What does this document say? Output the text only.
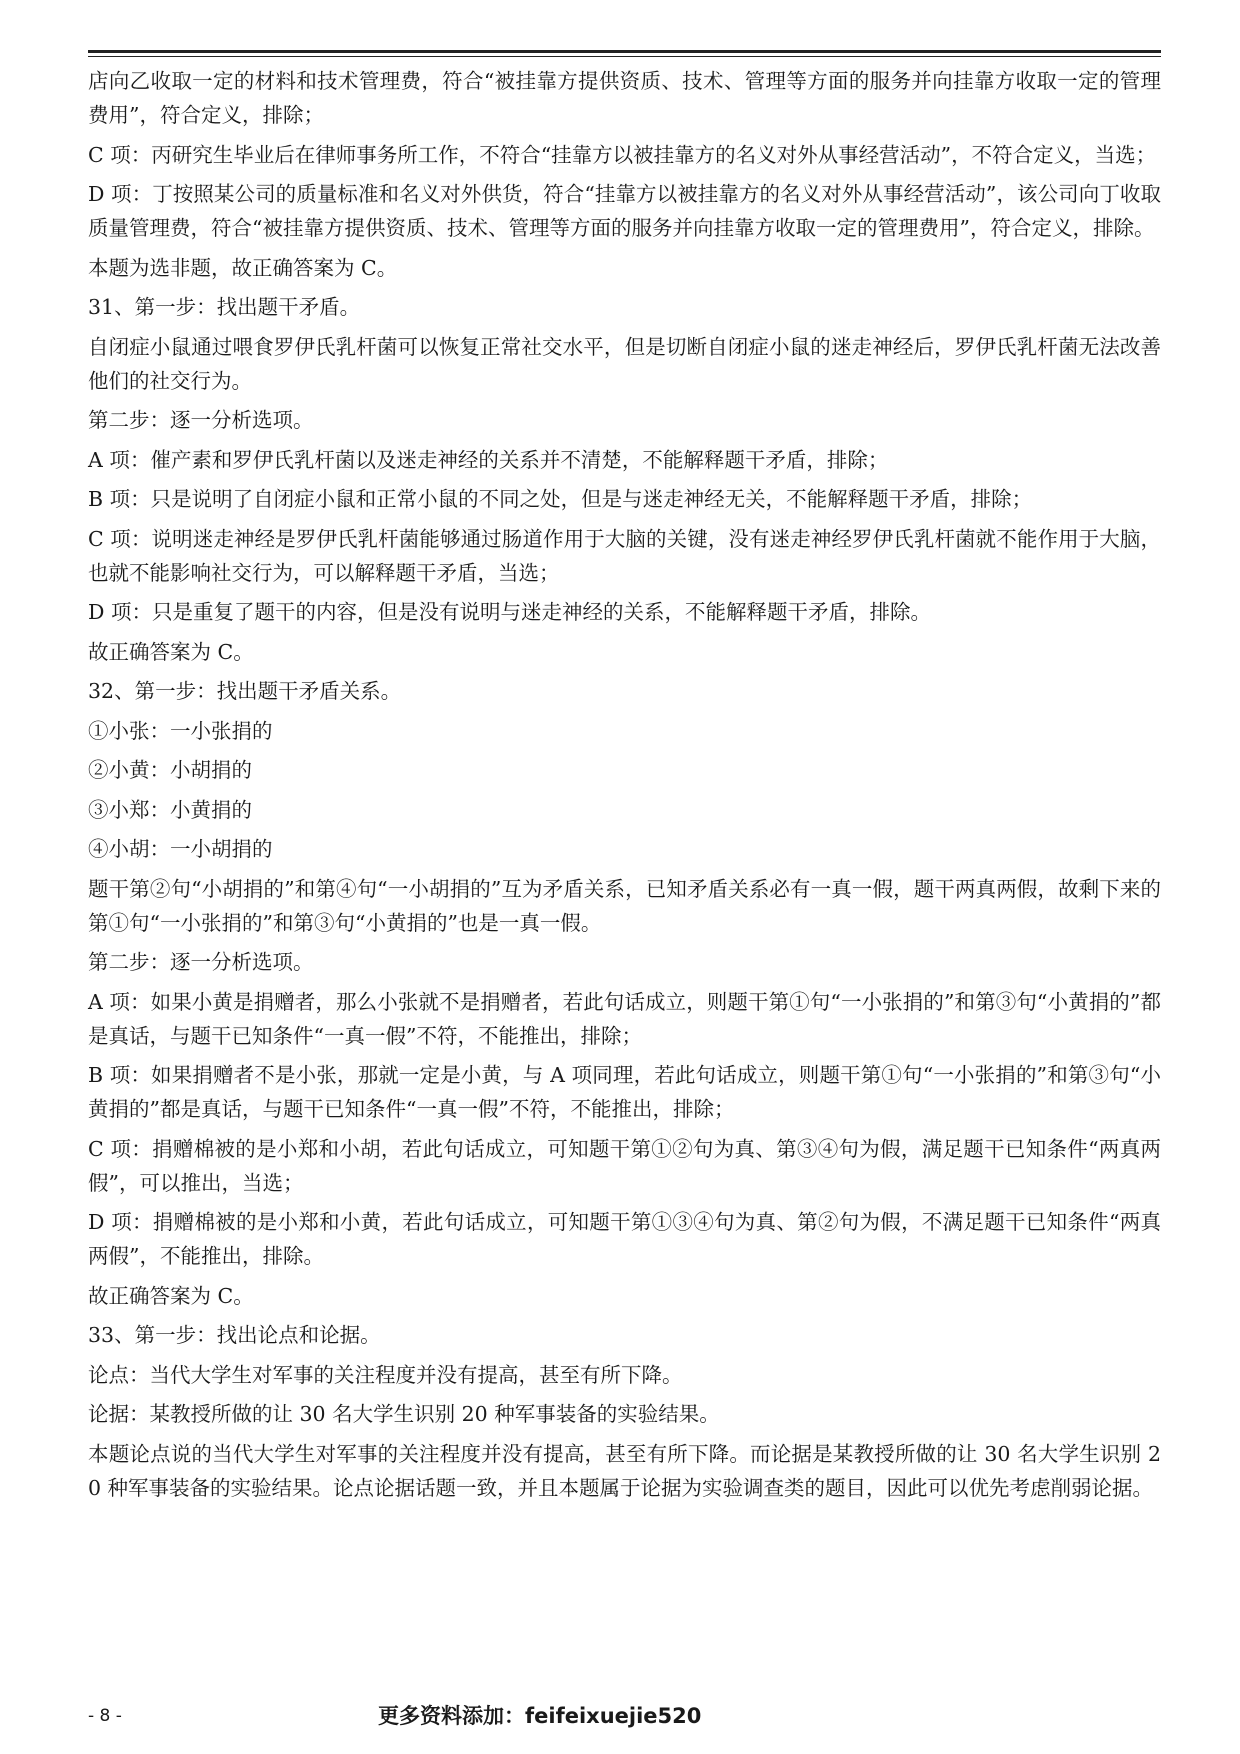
店向乙收取一定的材料和技术管理费，符合“被挂靠方提供资质、技术、管理等方面的服务并向挂靠方收取一定的管理费用”，符合定义，排除；

C 项：丙研究生毕业后在律师事务所工作，不符合“挂靠方以被挂靠方的名义对外从事经营活动”，不符合定义，当选；

D 项：丁按照某公司的质量标准和名义对外供货，符合“挂靠方以被挂靠方的名义对外从事经营活动”，该公司向丁收取质量管理费，符合“被挂靠方提供资质、技术、管理等方面的服务并向挂靠方收取一定的管理费用”，符合定义，排除。

本题为选非题，故正确答案为 C。

31、第一步：找出题干矛盾。

自闭症小鼠通过喂食罗伊氏乳杆菌可以恢复正常社交水平，但是切断自闭症小鼠的迷走神经后，罗伊氏乳杆菌无法改善他们的社交行为。

第二步：逐一分析选项。

A 项：催产素和罗伊氏乳杆菌以及迷走神经的关系并不清楚，不能解释题干矛盾，排除；

B 项：只是说明了自闭症小鼠和正常小鼠的不同之处，但是与迷走神经无关，不能解释题干矛盾，排除；

C 项：说明迷走神经是罗伊氏乳杆菌能够通过肠道作用于大脑的关键，没有迷走神经罗伊氏乳杆菌就不能作用于大脑，也就不能影响社交行为，可以解释题干矛盾，当选；

D 项：只是重复了题干的内容，但是没有说明与迷走神经的关系，不能解释题干矛盾，排除。

故正确答案为 C。

32、第一步：找出题干矛盾关系。

①小张：一小张捐的

②小黄：小胡捐的

③小郑：小黄捐的

④小胡：一小胡捐的

题干第②句“小胡捐的”和第④句“一小胡捐的”互为矛盾关系，已知矛盾关系必有一真一假，题干两真两假，故剩下来的第①句“一小张捐的”和第③句“小黄捐的”也是一真一假。

第二步：逐一分析选项。

A 项：如果小黄是捐赠者，那么小张就不是捐赠者，若此句话成立，则题干第①句“一小张捐的”和第③句“小黄捐的”都是真话，与题干已知条件“一真一假”不符，不能推出，排除；

B 项：如果捐赠者不是小张，那就一定是小黄，与 A 项同理，若此句话成立，则题干第①句“一小张捐的”和第③句“小黄捐的”都是真话，与题干已知条件“一真一假”不符，不能推出，排除；

C 项：捐赠棉被的是小郑和小胡，若此句话成立，可知题干第①②句为真、第③④句为假，满足题干已知条件“两真两假”，可以推出，当选；

D 项：捐赠棉被的是小郑和小黄，若此句话成立，可知题干第①③④句为真、第②句为假，不满足题干已知条件“两真两假”，不能推出，排除。

故正确答案为 C。

33、第一步：找出论点和论据。

论点：当代大学生对军事的关注程度并没有提高，甚至有所下降。

论据：某教授所做的让 30 名大学生识别 20 种军事装备的实验结果。

本题论点说的当代大学生对军事的关注程度并没有提高，甚至有所下降。而论据是某教授所做的让 30 名大学生识别 20 种军事装备的实验结果。论点论据话题一致，并且本题属于论据为实验调查类的题目，因此可以优先考虑削弱论据。

- 8 -	更多资料添加：feifeixuejie520
